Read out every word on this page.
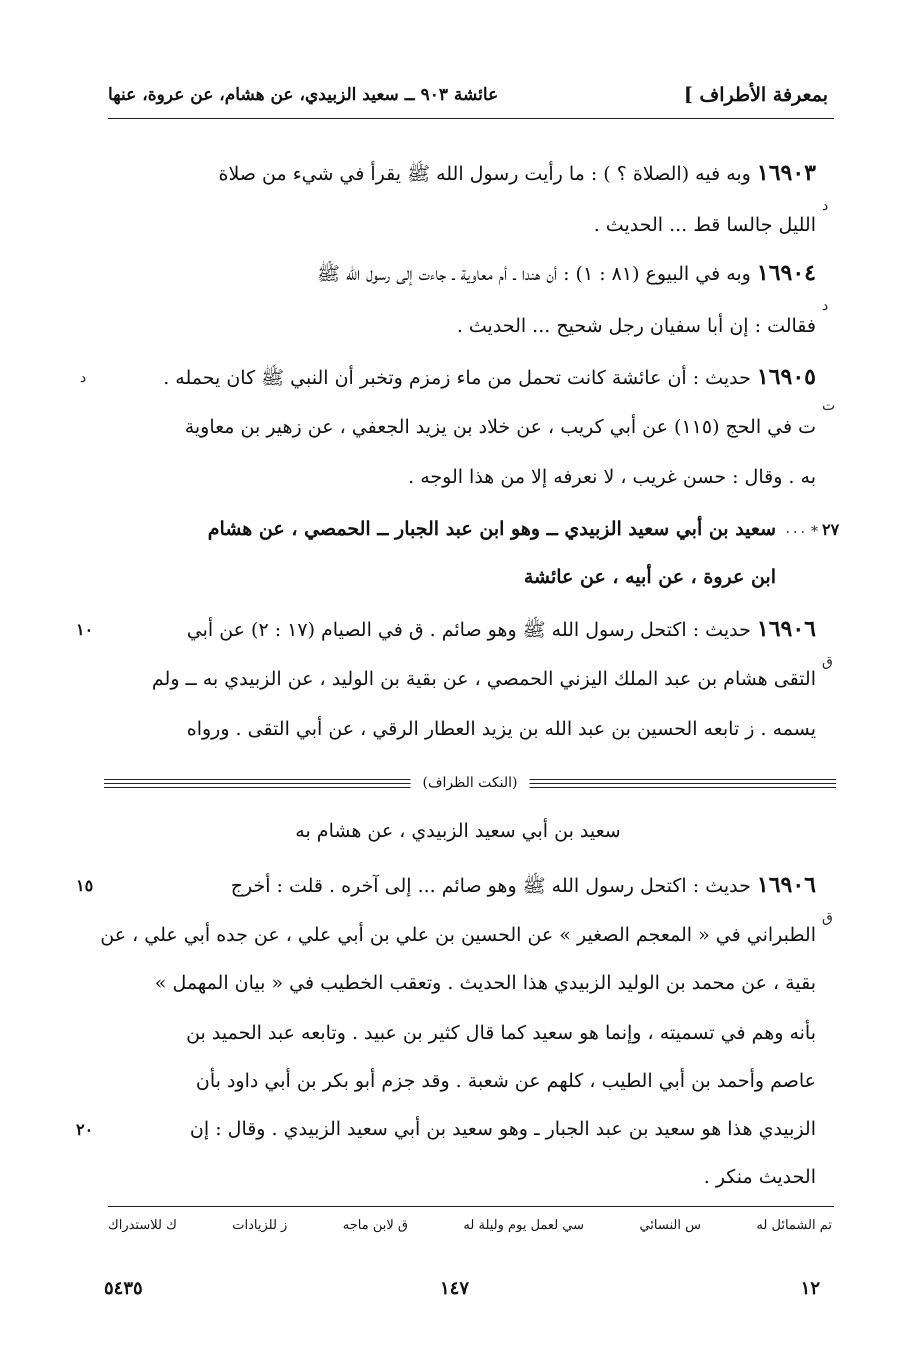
بمعرفة الأطراف ]
عائشة ٩٠٣ ــ سعيد الزبيدي، عن هشام، عن عروة، عنها
١٦٩٠٣ وبه فيه (الصلاة ؟ ) : ما رأيت رسول الله ﷺ يقرأ في شيء من صلاة
د
الليل جالسا قط ... الحديث .
١٦٩٠٤ وبه في البيوع (٨١ : ١) : أن هندا ـ أم معاوية ـ جاءت إلى رسول الله ﷺ
د
فقالت : إن أبا سفيان رجل شحيح ... الحديث .
١٦٩٠٥ حديث : أن عائشة كانت تحمل من ماء زمزم وتخبر أن النبي ﷺ كان يحمله .
د
ت
ت في الحج (١١٥) عن أبي كريب ، عن خلاد بن يزيد الجعفي ، عن زهير بن معاوية
به . وقال : حسن غريب ، لا نعرفه إلا من هذا الوجه .
٢٧
٠٠٠ *
سعيد بن أبي سعيد الزبيدي ــ وهو ابن عبد الجبار ــ الحمصي ، عن هشام
ابن عروة ، عن أبيه ، عن عائشة
١٦٩٠٦ حديث : اكتحل رسول الله ﷺ وهو صائم . ق في الصيام (١٧ : ٢) عن أبي
١٠
ق
التقى هشام بن عبد الملك اليزني الحمصي ، عن بقية بن الوليد ، عن الزبيدي به ــ ولم
يسمه . ز تابعه الحسين بن عبد الله بن يزيد العطار الرقي ، عن أبي التقى . ورواه
(النكت الظراف)
سعيد بن أبي سعيد الزبيدي ، عن هشام به
١٦٩٠٦ حديث : اكتحل رسول الله ﷺ وهو صائم ... إلى آخره . قلت : أخرج
١٥
ق
الطبراني في « المعجم الصغير » عن الحسين بن علي بن أبي علي ، عن جده أبي علي ، عن
بقية ، عن محمد بن الوليد الزبيدي هذا الحديث . وتعقب الخطيب في « بيان المهمل »
بأنه وهم في تسميته ، وإنما هو سعيد كما قال كثير بن عبيد . وتابعه عبد الحميد بن
عاصم وأحمد بن أبي الطيب ، كلهم عن شعبة . وقد جزم أبو بكر بن أبي داود بأن
الزبيدي هذا هو سعيد بن عبد الجبار ـ وهو سعيد بن أبي سعيد الزبيدي . وقال : إن
٢٠
الحديث منكر .
تم الشمائل له
س النسائي
سي لعمل يوم وليلة له
ق لابن ماجه
ز للزيادات
ك للاستدراك
١٢
١٤٧
٥٤٣٥
